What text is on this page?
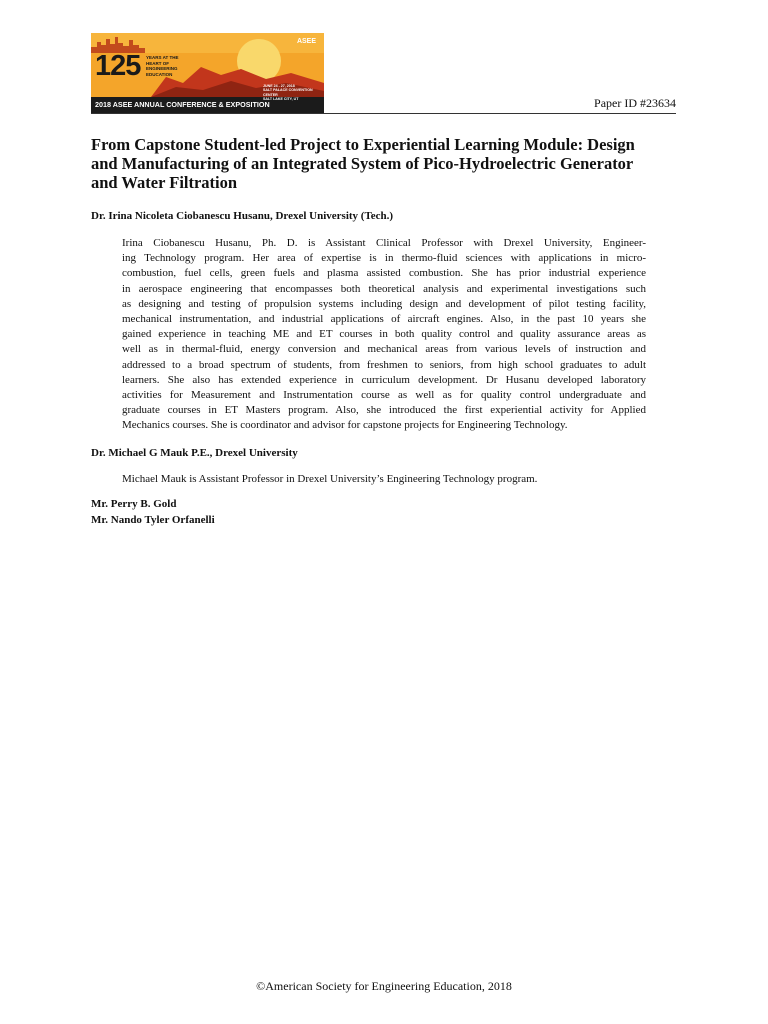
125 YEARS AT THE HEART OF ENGINEERING EDUCATION
ASEE
2018 ASEE ANNUAL CONFERENCE & EXPOSITION
JUNE 24 - 27, 2018
SALT PALACE CONVENTION CENTER
SALT LAKE CITY, UT	Paper ID #23634
From Capstone Student-led Project to Experiential Learning Module: Design
and Manufacturing of an Integrated System of Pico-Hydroelectric Generator
and Water Filtration
Dr. Irina Nicoleta Ciobanescu Husanu, Drexel University (Tech.)
Irina Ciobanescu Husanu, Ph. D. is Assistant Clinical Professor with Drexel University, Engineer-
ing Technology program. Her area of expertise is in thermo-fluid sciences with applications in micro-
combustion, fuel cells, green fuels and plasma assisted combustion. She has prior industrial experience
in aerospace engineering that encompasses both theoretical analysis and experimental investigations such
as designing and testing of propulsion systems including design and development of pilot testing facility,
mechanical instrumentation, and industrial applications of aircraft engines. Also, in the past 10 years she
gained experience in teaching ME and ET courses in both quality control and quality assurance areas as
well as in thermal-fluid, energy conversion and mechanical areas from various levels of instruction and
addressed to a broad spectrum of students, from freshmen to seniors, from high school graduates to adult
learners. She also has extended experience in curriculum development. Dr Husanu developed laboratory
activities for Measurement and Instrumentation course as well as for quality control undergraduate and
graduate courses in ET Masters program. Also, she introduced the first experiential activity for Applied
Mechanics courses. She is coordinator and advisor for capstone projects for Engineering Technology.
Dr. Michael G Mauk P.E., Drexel University
Michael Mauk is Assistant Professor in Drexel University’s Engineering Technology program.
Mr. Perry B. Gold
Mr. Nando Tyler Orfanelli
©American Society for Engineering Education, 2018
